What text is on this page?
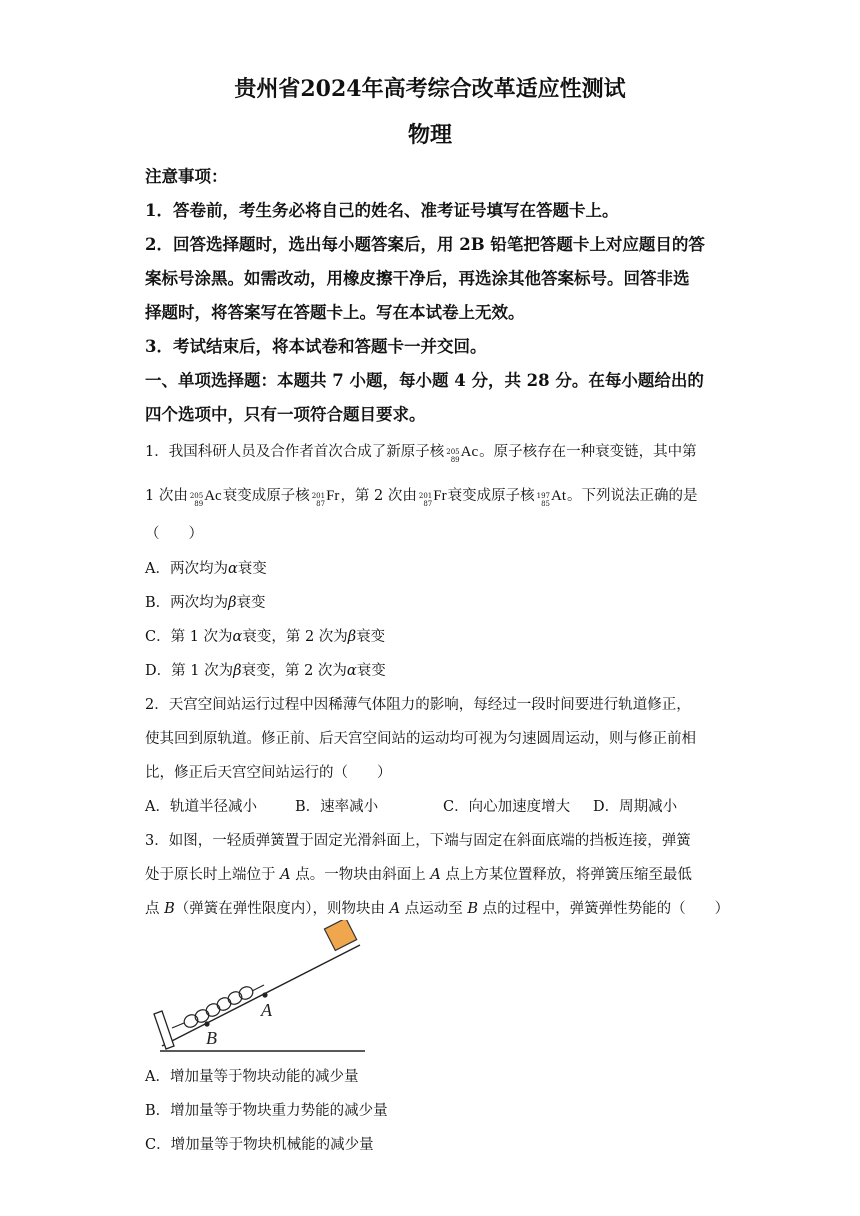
贵州省2024年高考综合改革适应性测试
物理
注意事项：
1．答卷前，考生务必将自己的姓名、准考证号填写在答题卡上。
2．回答选择题时，选出每小题答案后，用 2B 铅笔把答题卡上对应题目的答
案标号涂黑。如需改动，用橡皮擦干净后，再选涂其他答案标号。回答非选
择题时，将答案写在答题卡上。写在本试卷上无效。
3．考试结束后，将本试卷和答题卡一并交回。
一、单项选择题：本题共 7 小题，每小题 4 分，共 28 分。在每小题给出的
四个选项中，只有一项符合题目要求。
1．我国科研人员及合作者首次合成了新原子核 205
89 Ac。原子核存在一种衰变链，其中第
1 次由 205
89 Ac衰变成原子核 201
87 Fr，第 2 次由 201
87 Fr衰变成原子核 197
85 At。下列说法正确的是
（　　）
A．两次均为α衰变
B．两次均为β衰变
C．第 1 次为α衰变，第 2 次为β衰变
D．第 1 次为β衰变，第 2 次为α衰变
2．天宫空间站运行过程中因稀薄气体阻力的影响，每经过一段时间要进行轨道修正，
使其回到原轨道。修正前、后天宫空间站的运动均可视为匀速圆周运动，则与修正前相
比，修正后天宫空间站运行的（　　）
A．轨道半径减小	B．速率减小	C．向心加速度增大 D．周期减小
3．如图，一轻质弹簧置于固定光滑斜面上，下端与固定在斜面底端的挡板连接，弹簧
处于原长时上端位于 A 点。一物块由斜面上 A 点上方某位置释放，将弹簧压缩至最低
点 B（弹簧在弹性限度内），则物块由 A 点运动至 B 点的过程中，弹簧弹性势能的（　　）
A
B
A．增加量等于物块动能的减少量
B．增加量等于物块重力势能的减少量
C．增加量等于物块机械能的减少量
